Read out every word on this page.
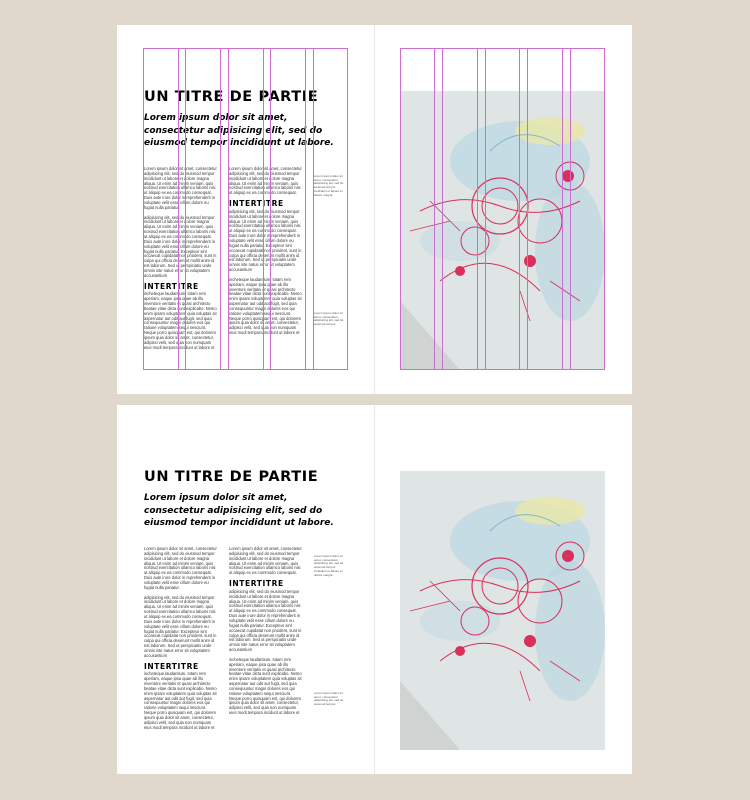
UN TITRE DE PARTIE
Lorem ipsum dolor sit amet, consectetur adipisicing elit, sed do eiusmod tempor incididunt ut labore.

Lorem ipsum dolor sit amet, consectetur adipisicing elit, sed do eiusmod tempor incididunt ut labore et dolore magna aliqua. Ut enim ad minim veniam, quis nostrud exercitation ullamco laboris nisi ut aliquip ex ea commodo consequat. Duis aute irure dolor in reprehenderit in voluptate velit esse cillum dolore eu fugiat nulla pariatur.

adipisicing elit, sed do eiusmod tempor incididunt ut labore et dolore magna aliqua. Ut enim ad minim veniam, quis nostrud exercitation ullamco laboris nisi ut aliquip ex ea commodo consequat. Duis aute irure dolor in reprehenderit in voluptate velit esse cillum dolore eu fugiat nulla pariatur. Excepteur sint occaecat cupidatat non proident, sunt in culpa qui officia deserunt mollit anim id est laborum. Sed ut perspiciatis unde omnis iste natus error sit voluptatem accusantium

INTERTITRE

incheteque laudantium, totam rem aperiam, eaque ipsa quae ab illo inventore veritatis et quasi architecto beatae vitae dicta sunt explicabo. Nemo enim ipsam voluptatem quia voluptas sit aspernatur aut odit aut fugit, sed quia consequuntur magni dolores eos qui ratione voluptatem sequi nesciunt. Neque porro quisquam est, qui dolorem ipsum quia dolor sit amet, consectetur, adipisci velit, sed quia non numquam eius modi tempora incidunt ut labore et

Lorem ipsum dolor sit amet, consectetur adipisicing elit, sed do eiusmod tempor incididunt ut labore et dolore magna aliqua. Ut enim ad minim veniam, quis nostrud exercitation ullamco laboris nisi ut aliquip ex ea commodo consequat.

INTERTITRE

adipisicing elit, sed do eiusmod tempor incididunt ut labore et dolore magna aliqua. Ut enim ad minim veniam, quis nostrud exercitation ullamco laboris nisi ut aliquip ex ea commodo consequat. Duis aute irure dolor in reprehenderit in voluptate velit esse cillum dolore eu fugiat nulla pariatur. Excepteur sint occaecat cupidatat non proident, sunt in culpa qui officia deserunt mollit anim id est laborum. Sed ut perspiciatis unde omnis iste natus error sit voluptatem accusantium

incheteque laudantium, totam rem aperiam, eaque ipsa quae ab illo inventore veritatis et quasi architecto beatae vitae dicta sunt explicabo. Nemo enim ipsam voluptatem quia voluptas sit aspernatur aut odit aut fugit, sed quia consequuntur magni dolores eos qui ratione voluptatem sequi nesciunt. Neque porro quisquam est, qui dolorem ipsum quia dolor sit amet, consectetur, adipisci velit, sed quia non numquam eius modi tempora incidunt ut labore et

Lorem ipsum dolor sit amet, consectetur adipisicing elit, sed do eiusmod tempor incididunt ut labore et dolore magna.
Lorem ipsum dolor sit amet, consectetur adipisicing elit, sed do eiusmod tempor.
UN TITRE DE PARTIE
Lorem ipsum dolor sit amet, consectetur adipisicing elit, sed do eiusmod tempor incididunt ut labore.

Lorem ipsum dolor sit amet, consectetur adipisicing elit, sed do eiusmod tempor incididunt ut labore et dolore magna aliqua. Ut enim ad minim veniam, quis nostrud exercitation ullamco laboris nisi ut aliquip ex ea commodo consequat. Duis aute irure dolor in reprehenderit in voluptate velit esse cillum dolore eu fugiat nulla pariatur.

adipisicing elit, sed do eiusmod tempor incididunt ut labore et dolore magna aliqua. Ut enim ad minim veniam, quis nostrud exercitation ullamco laboris nisi ut aliquip ex ea commodo consequat. Duis aute irure dolor in reprehenderit in voluptate velit esse cillum dolore eu fugiat nulla pariatur. Excepteur sint occaecat cupidatat non proident, sunt in culpa qui officia deserunt mollit anim id est laborum. Sed ut perspiciatis unde omnis iste natus error sit voluptatem accusantium

INTERTITRE

incheteque laudantium, totam rem aperiam, eaque ipsa quae ab illo inventore veritatis et quasi architecto beatae vitae dicta sunt explicabo. Nemo enim ipsam voluptatem quia voluptas sit aspernatur aut odit aut fugit, sed quia consequuntur magni dolores eos qui ratione voluptatem sequi nesciunt. Neque porro quisquam est, qui dolorem ipsum quia dolor sit amet, consectetur, adipisci velit, sed quia non numquam eius modi tempora incidunt ut labore et

Lorem ipsum dolor sit amet, consectetur adipisicing elit, sed do eiusmod tempor incididunt ut labore et dolore magna aliqua. Ut enim ad minim veniam, quis nostrud exercitation ullamco laboris nisi ut aliquip ex ea commodo consequat.

INTERTITRE

adipisicing elit, sed do eiusmod tempor incididunt ut labore et dolore magna aliqua. Ut enim ad minim veniam, quis nostrud exercitation ullamco laboris nisi ut aliquip ex ea commodo consequat. Duis aute irure dolor in reprehenderit in voluptate velit esse cillum dolore eu fugiat nulla pariatur. Excepteur sint occaecat cupidatat non proident, sunt in culpa qui officia deserunt mollit anim id est laborum. Sed ut perspiciatis unde omnis iste natus error sit voluptatem accusantium

incheteque laudantium, totam rem aperiam, eaque ipsa quae ab illo inventore veritatis et quasi architecto beatae vitae dicta sunt explicabo. Nemo enim ipsam voluptatem quia voluptas sit aspernatur aut odit aut fugit, sed quia consequuntur magni dolores eos qui ratione voluptatem sequi nesciunt. Neque porro quisquam est, qui dolorem ipsum quia dolor sit amet, consectetur, adipisci velit, sed quia non numquam eius modi tempora incidunt ut labore et

Lorem ipsum dolor sit amet, consectetur adipisicing elit, sed do eiusmod tempor incididunt ut labore et dolore magna.
Lorem ipsum dolor sit amet, consectetur adipisicing elit, sed do eiusmod tempor.
